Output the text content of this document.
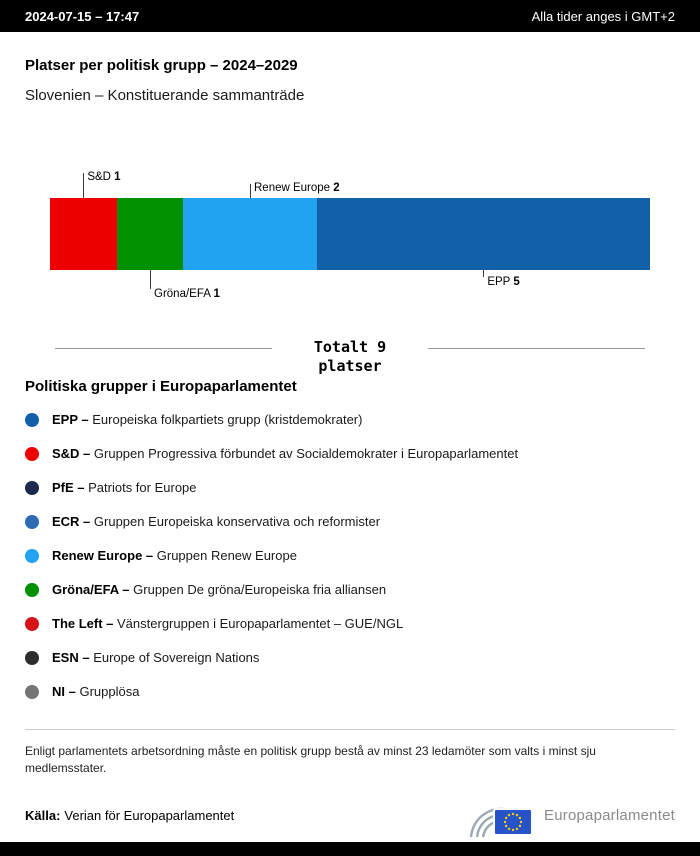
2024-07-15 – 17:47	Alla tider anges i GMT+2
Platser per politisk grupp – 2024–2029
Slovenien – Konstituerande sammanträde
S&D 1
Gröna/EFA 1
Renew Europe 2
EPP 5
Totalt 9
platser
Politiska grupper i Europaparlamentet
EPP – Europeiska folkpartiets grupp (kristdemokrater)
S&D – Gruppen Progressiva förbundet av Socialdemokrater i Europaparlamentet
PfE – Patriots for Europe
ECR – Gruppen Europeiska konservativa och reformister
Renew Europe – Gruppen Renew Europe
Gröna/EFA – Gruppen De gröna/Europeiska fria alliansen
The Left – Vänstergruppen i Europaparlamentet – GUE/NGL
ESN – Europe of Sovereign Nations
NI – Grupplösa
Enligt parlamentets arbetsordning måste en politisk grupp bestå av minst 23 ledamöter som valts i minst sju medlemsstater.
Källa: Verian för Europaparlamentet	Europaparlamentet
